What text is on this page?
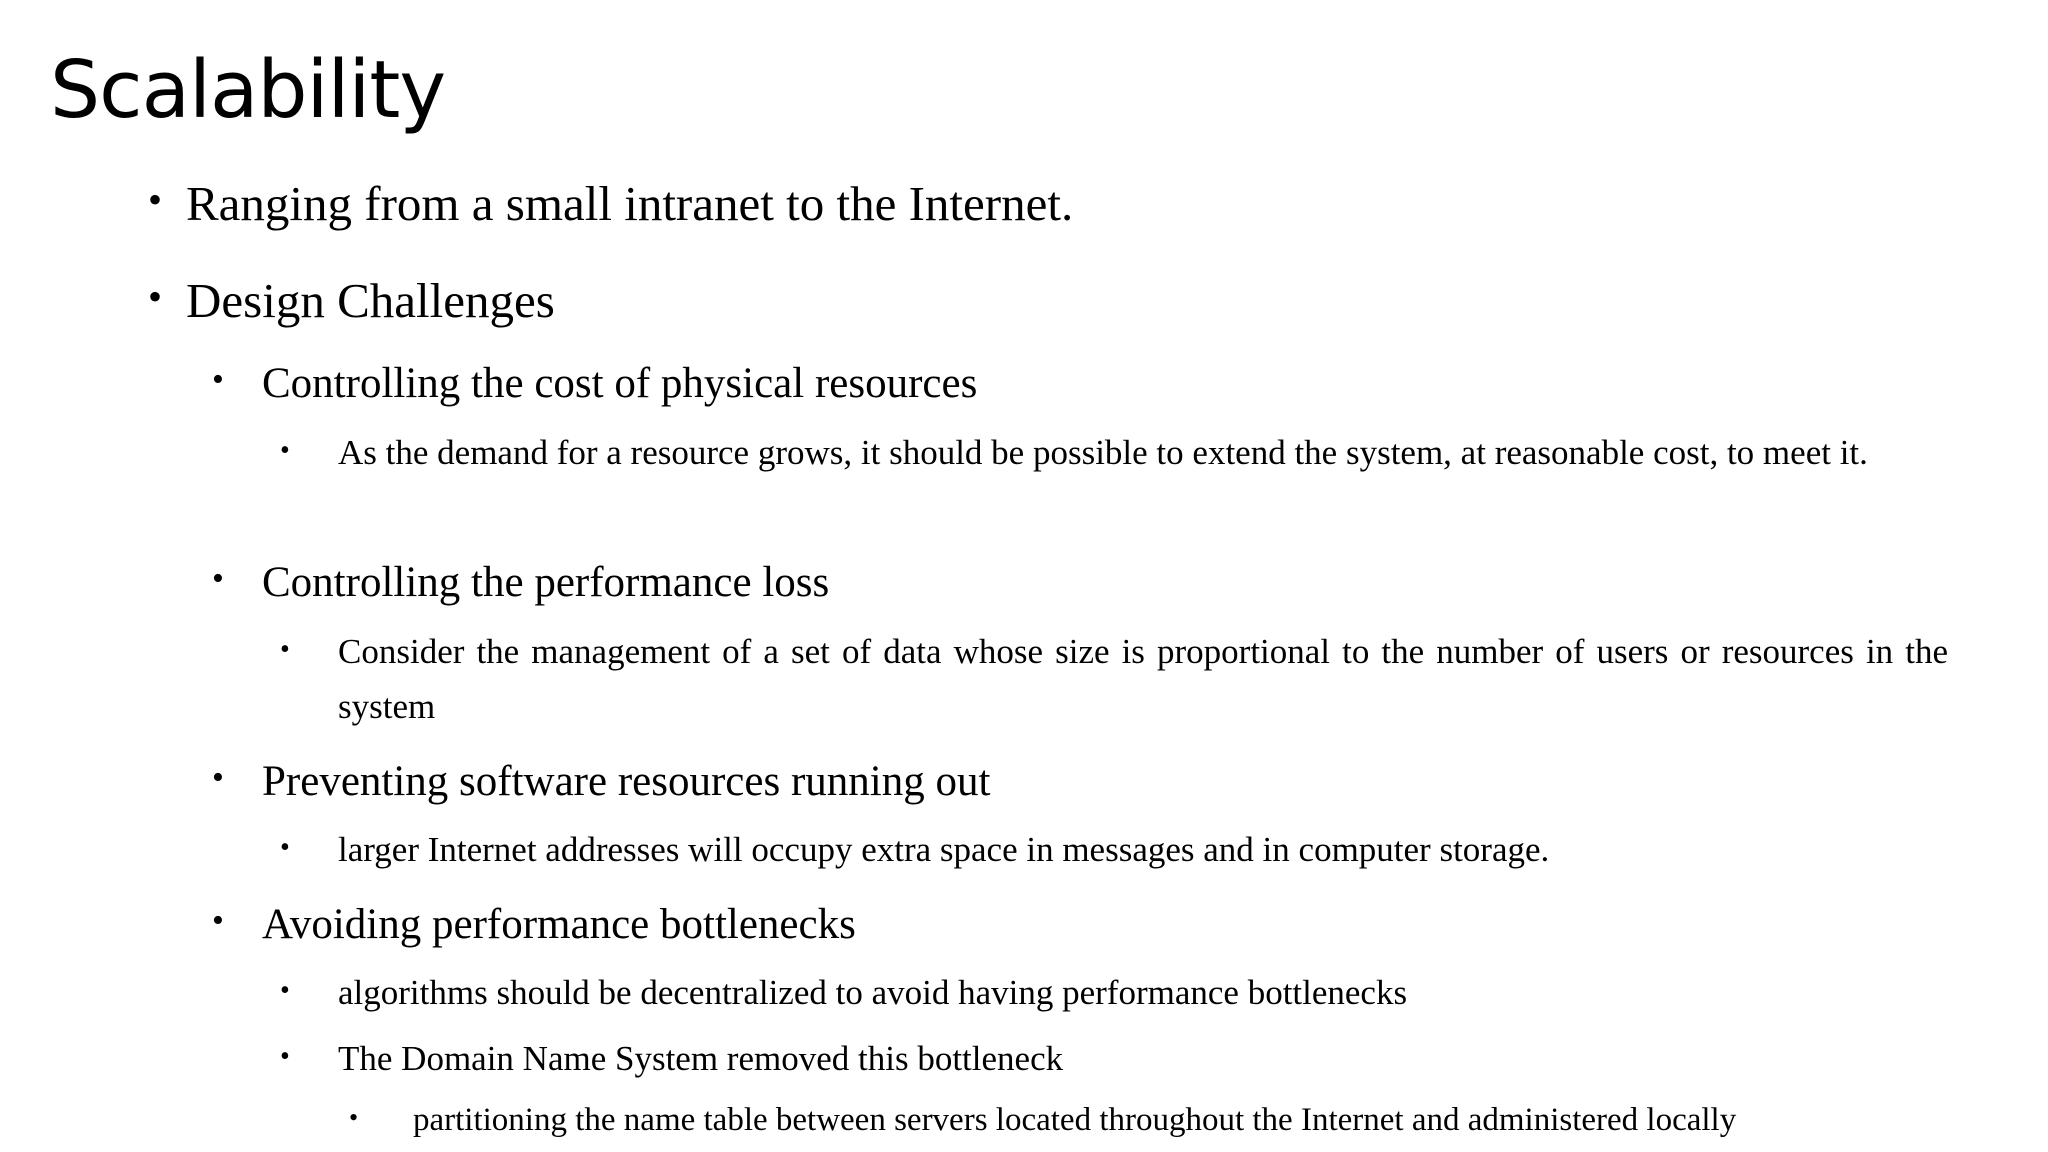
Scalability
• Ranging from a small intranet to the Internet.
• Design Challenges
• Controlling the cost of physical resources
• As the demand for a resource grows, it should be possible to extend the system, at reasonable cost, to meet it.
• Controlling the performance loss
• Consider the management of a set of data whose size is proportional to the number of users or resources in the system
• Preventing software resources running out
• larger Internet addresses will occupy extra space in messages and in computer storage.
• Avoiding performance bottlenecks
• algorithms should be decentralized to avoid having performance bottlenecks
• The Domain Name System removed this bottleneck
• partitioning the name table between servers located throughout the Internet and administered locally
